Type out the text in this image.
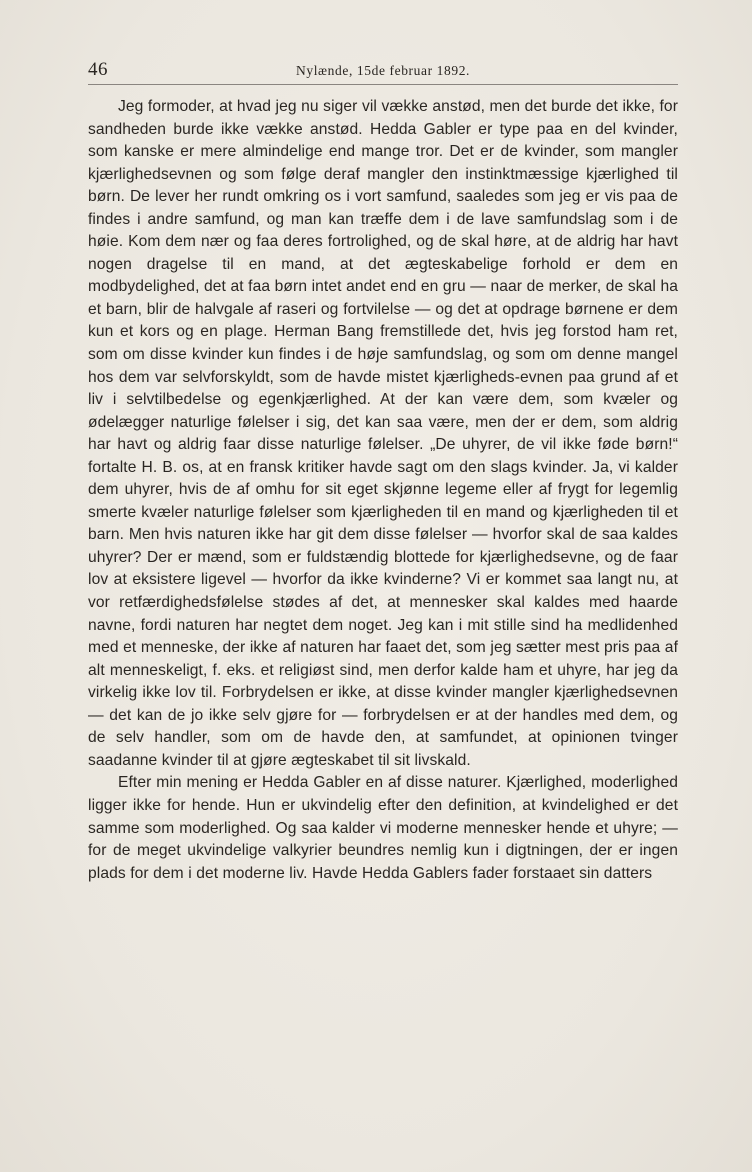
46	Nylænde, 15de februar 1892.

Jeg formoder, at hvad jeg nu siger vil vække anstød, men det burde det ikke, for sandheden burde ikke vække anstød. Hedda Gabler er type paa en del kvinder, som kanske er mere almindelige end mange tror. Det er de kvinder, som mangler kjærlighedsevnen og som følge deraf mangler den instinktmæssige kjærlighed til børn. De lever her rundt omkring os i vort samfund, saaledes som jeg er vis paa de findes i andre samfund, og man kan træffe dem i de lave samfundslag som i de høie. Kom dem nær og faa deres fortrolighed, og de skal høre, at de aldrig har havt nogen dragelse til en mand, at det ægteskabelige forhold er dem en modbydelighed, det at faa børn intet andet end en gru — naar de merker, de skal ha et barn, blir de halvgale af raseri og fortvilelse — og det at opdrage børnene er dem kun et kors og en plage. Herman Bang fremstillede det, hvis jeg forstod ham ret, som om disse kvinder kun findes i de høje samfundslag, og som om denne mangel hos dem var selvforskyldt, som de havde mistet kjærligheds-evnen paa grund af et liv i selvtilbedelse og egenkjærlighed. At der kan være dem, som kvæler og ødelægger naturlige følelser i sig, det kan saa være, men der er dem, som aldrig har havt og aldrig faar disse naturlige følelser. „De uhyrer, de vil ikke føde børn!“ fortalte H. B. os, at en fransk kritiker havde sagt om den slags kvinder. Ja, vi kalder dem uhyrer, hvis de af omhu for sit eget skjønne legeme eller af frygt for legemlig smerte kvæler naturlige følelser som kjærligheden til en mand og kjærligheden til et barn. Men hvis naturen ikke har git dem disse følelser — hvorfor skal de saa kaldes uhyrer? Der er mænd, som er fuldstændig blottede for kjærlighedsevne, og de faar lov at eksistere ligevel — hvorfor da ikke kvinderne? Vi er kommet saa langt nu, at vor retfærdighedsfølelse stødes af det, at mennesker skal kaldes med haarde navne, fordi naturen har negtet dem noget. Jeg kan i mit stille sind ha medlidenhed med et menneske, der ikke af naturen har faaet det, som jeg sætter mest pris paa af alt menneskeligt, f. eks. et religiøst sind, men derfor kalde ham et uhyre, har jeg da virkelig ikke lov til. Forbrydelsen er ikke, at disse kvinder mangler kjærlighedsevnen — det kan de jo ikke selv gjøre for — forbrydelsen er at der handles med dem, og de selv handler, som om de havde den, at samfundet, at opinionen tvinger saadanne kvinder til at gjøre ægteskabet til sit livskald.

Efter min mening er Hedda Gabler en af disse naturer. Kjærlighed, moderlighed ligger ikke for hende. Hun er ukvindelig efter den definition, at kvindelighed er det samme som moderlighed. Og saa kalder vi moderne mennesker hende et uhyre; — for de meget ukvindelige valkyrier beundres nemlig kun i digtningen, der er ingen plads for dem i det moderne liv. Havde Hedda Gablers fader forstaaet sin datters
